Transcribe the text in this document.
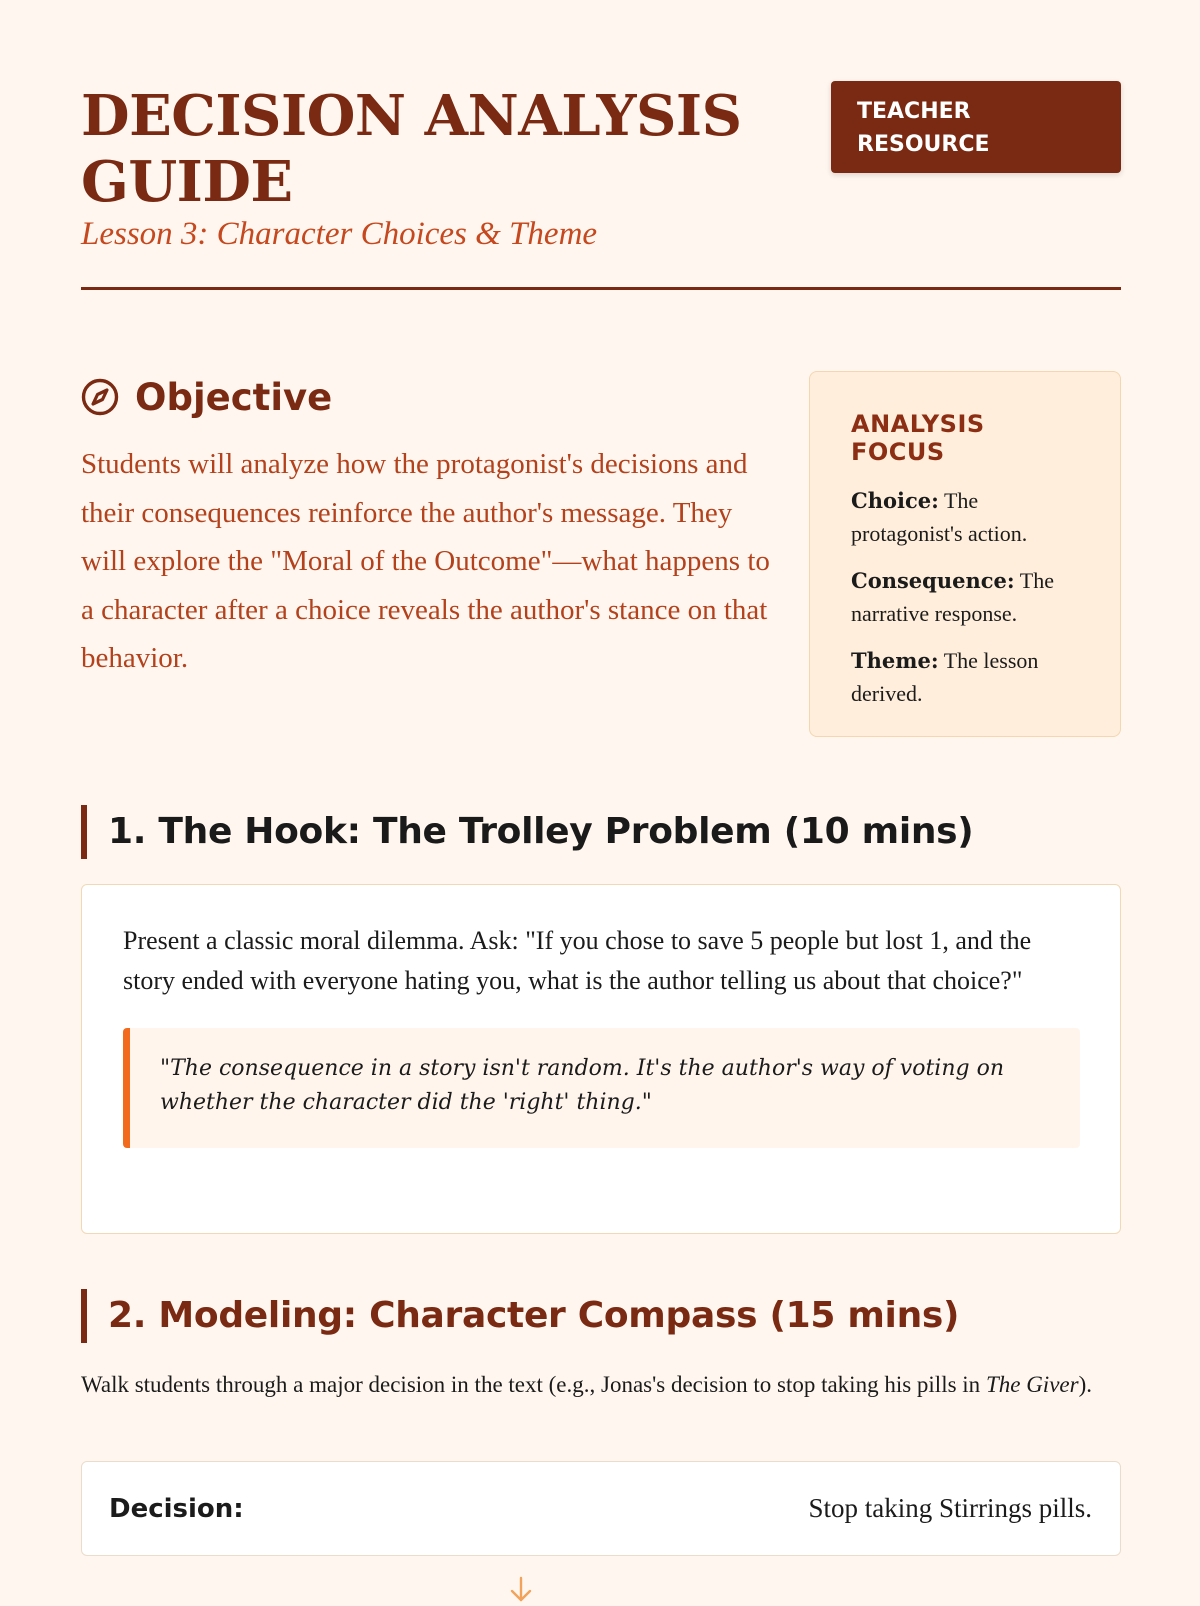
DECISION ANALYSIS
GUIDE

Lesson 3: Character Choices & Theme

TEACHER
RESOURCE
Objective

Students will analyze how the protagonist's decisions and their consequences reinforce the author's message. They will explore the "Moral of the Outcome"—what happens to a character after a choice reveals the author's stance on that behavior.

ANALYSIS FOCUS

Choice: The protagonist's action.

Consequence: The narrative response.

Theme: The lesson derived.

1. The Hook: The Trolley Problem (10 mins)

Present a classic moral dilemma. Ask: "If you chose to save 5 people but lost 1, and the story ended with everyone hating you, what is the author telling us about that choice?"

"The consequence in a story isn't random. It's the author's way of voting on whether the character did the 'right' thing."
2. Modeling: Character Compass (15 mins)

Walk students through a major decision in the text (e.g., Jonas's decision to stop taking his pills in The Giver).

Decision:	Stop taking Stirrings pills.
